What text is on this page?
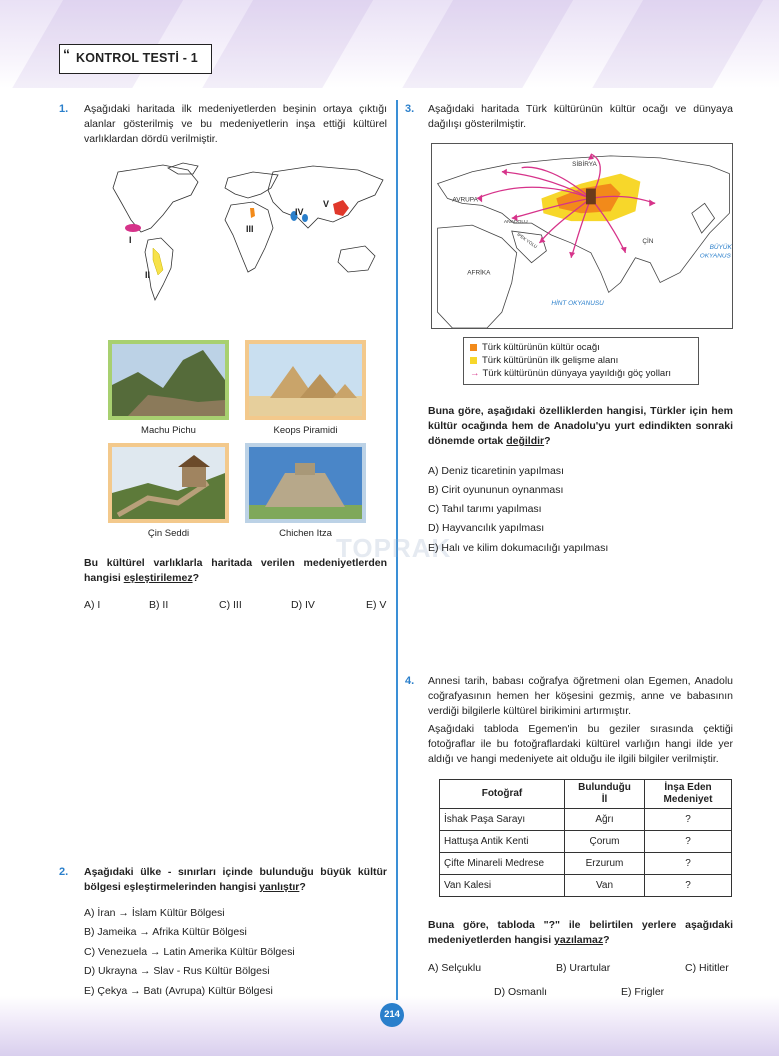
“ KONTROL TESTİ - 1
TOPRAK
1. Aşağıdaki haritada ilk medeniyetlerden beşinin ortaya çıktığı alanlar gösterilmiş ve bu medeniyetlerin inşa ettiği kültürel varlıklardan dördü verilmiştir.
I
II
III
IV
V
Machu Pichu	Keops Piramidi
Çin Seddi	Chichen Itza
Bu kültürel varlıklarla haritada verilen medeniyetlerden hangisi eşleştirilemez?
A) I	B) II	C) III	D) IV	E) V
2. Aşağıdaki ülke - sınırları içinde bulunduğu büyük kültür bölgesi eşleştirmelerinden hangisi yanlıştır?
A) İran → İslam Kültür Bölgesi
B) Jameika → Afrika Kültür Bölgesi
C) Venezuela → Latin Amerika Kültür Bölgesi
D) Ukrayna → Slav - Rus Kültür Bölgesi
E) Çekya → Batı (Avrupa) Kültür Bölgesi
3. Aşağıdaki haritada Türk kültürünün kültür ocağı ve dünyaya dağılışı gösterilmiştir.
SİBİRYA
AVRUPA
ANADOLU
İPEK YOLU
AFRİKA
ÇİN
BÜYÜK
OKYANUS
HİNT OKYANUSU
Türk kültürünün kültür ocağı
Türk kültürünün ilk gelişme alanı
→ Türk kültürünün dünyaya yayıldığı göç yolları
Buna göre, aşağıdaki özelliklerden hangisi, Türkler için hem kültür ocağında hem de Anadolu'yu yurt edindikten sonraki dönemde ortak değildir?
A) Deniz ticaretinin yapılması
B) Cirit oyununun oynanması
C) Tahıl tarımı yapılması
D) Hayvancılık yapılması
E) Halı ve kilim dokumacılığı yapılması
4. Annesi tarih, babası coğrafya öğretmeni olan Egemen, Anadolu coğrafyasının hemen her köşesini gezmiş, anne ve babasının verdiği bilgilerle kültürel birikimini artırmıştır.
Aşağıdaki tabloda Egemen'in bu geziler sırasında çektiği fotoğraflar ile bu fotoğraflardaki kültürel varlığın hangi ilde yer aldığı ve hangi medeniyete ait olduğu ile ilgili bilgiler verilmiştir.
Fotoğraf	Bulunduğu İl	İnşa Eden Medeniyet
İshak Paşa Sarayı	Ağrı	?
Hattuşa Antik Kenti	Çorum	?
Çifte Minareli Medrese	Erzurum	?
Van Kalesi	Van	?
Buna göre, tabloda "?" ile belirtilen yerlere aşağıdaki medeniyetlerden hangisi yazılamaz?
A) Selçuklu	B) Urartular	C) Hititler
D) Osmanlı	E) Frigler
214
